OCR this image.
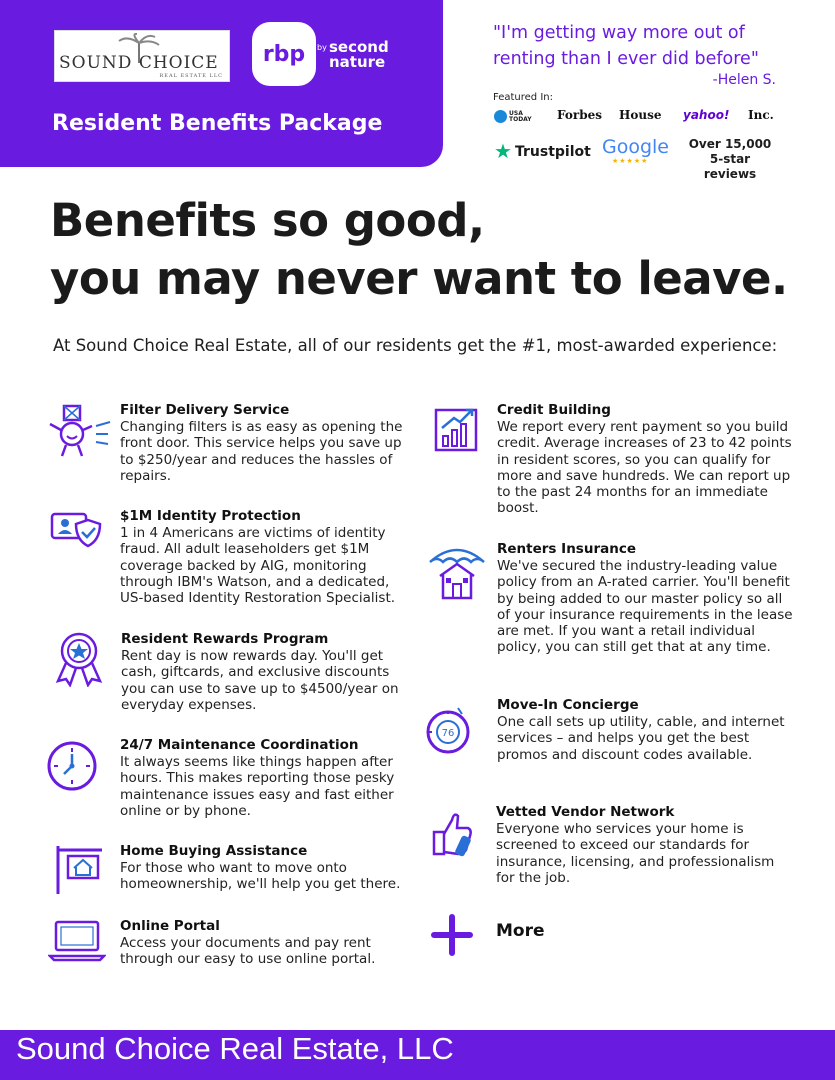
SOUND CHOICE
REAL ESTATE LLC
rbp by second
nature
Resident Benefits Package
"I'm getting way more out of renting than I ever did before"
-Helen S.
Featured In:
USA TODAY	Forbes House yahoo! Inc.
★ Trustpilot Google
★★★★★
Over 15,000
5-star reviews
Benefits so good,
you may never want to leave.
At Sound Choice Real Estate, all of our residents get the #1, most-awarded experience:
76
Filter Delivery Service
Changing filters is as easy as opening the front door. This service helps you save up to $250/year and reduces the hassles of repairs.
$1M Identity Protection
1 in 4 Americans are victims of identity fraud. All adult leaseholders get $1M coverage backed by AIG, monitoring through IBM's Watson, and a dedicated, US-based Identity Restoration Specialist.
Resident Rewards Program
Rent day is now rewards day. You'll get cash, giftcards, and exclusive discounts you can use to save up to $4500/year on everyday expenses.
24/7 Maintenance Coordination
It always seems like things happen after hours. This makes reporting those pesky maintenance issues easy and fast either online or by phone.
Home Buying Assistance
For those who want to move onto homeownership, we'll help you get there.
Online Portal
Access your documents and pay rent through our easy to use online portal.
Credit Building
We report every rent payment so you build credit. Average increases of 23 to 42 points in resident scores, so you can qualify for more and save hundreds. We can report up to the past 24 months for an immediate boost.
Renters Insurance
We've secured the industry-leading value policy from an A-rated carrier. You'll benefit by being added to our master policy so all of your insurance requirements in the lease are met. If you want a retail individual policy, you can still get that at any time.
Move-In Concierge
One call sets up utility, cable, and internet services – and helps you get the best promos and discount codes available.
Vetted Vendor Network
Everyone who services your home is screened to exceed our standards for insurance, licensing, and professionalism for the job.
More
Sound Choice Real Estate, LLC
